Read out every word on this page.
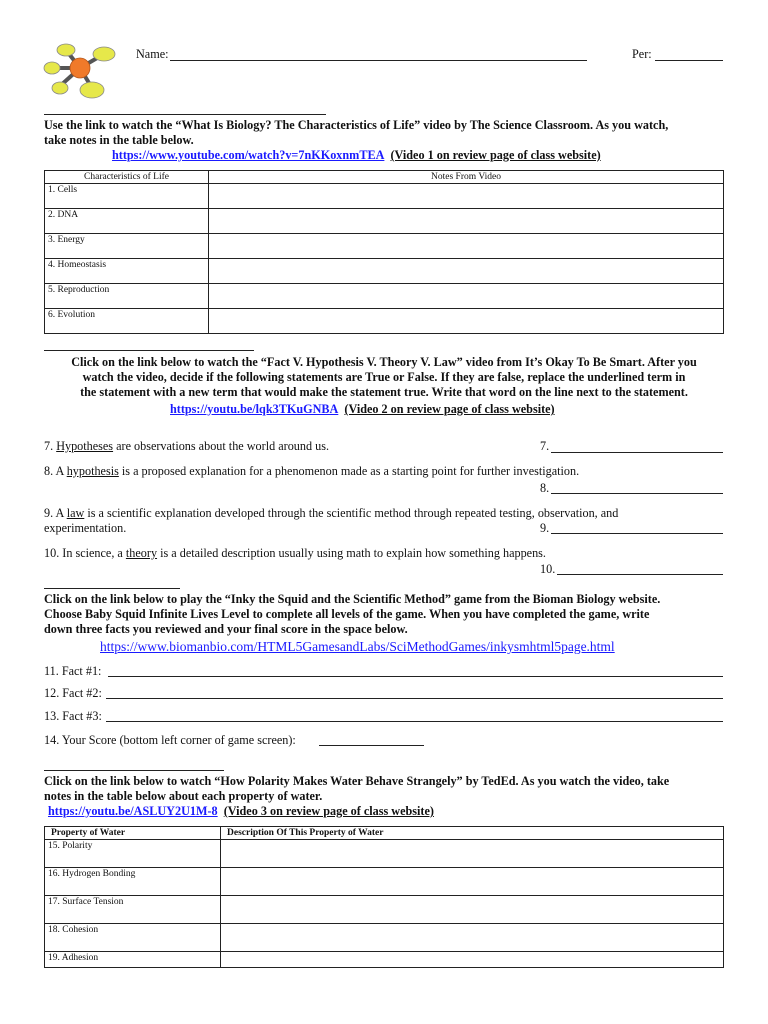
Name:	Per:
Use the link to watch the “What Is Biology? The Characteristics of Life” video by The Science Classroom. As you watch,
take notes in the table below.
https://www.youtube.com/watch?v=7nKKoxnmTEA (Video 1 on review page of class website)
Characteristics of Life	Notes From Video
1. Cells	
2. DNA	
3. Energy	
4. Homeostasis	
5. Reproduction	
6. Evolution	
Click on the link below to watch the “Fact V. Hypothesis V. Theory V. Law” video from It’s Okay To Be Smart. After you
watch the video, decide if the following statements are True or False. If they are false, replace the underlined term in
the statement with a new term that would make the statement true. Write that word on the line next to the statement.
https://youtu.be/lqk3TKuGNBA (Video 2 on review page of class website)
7. Hypotheses are observations about the world around us.	7.
8. A hypothesis is a proposed explanation for a phenomenon made as a starting point for further investigation.
8.
9. A law is a scientific explanation developed through the scientific method through repeated testing, observation, and
experimentation.	9.
10. In science, a theory is a detailed description usually using math to explain how something happens.
10.
Click on the link below to play the “Inky the Squid and the Scientific Method” game from the Bioman Biology website.
Choose Baby Squid Infinite Lives Level to complete all levels of the game. When you have completed the game, write
down three facts you reviewed and your final score in the space below.
https://www.biomanbio.com/HTML5GamesandLabs/SciMethodGames/inkysmhtml5page.html
11. Fact #1:
12. Fact #2:
13. Fact #3:
14. Your Score (bottom left corner of game screen):
Click on the link below to watch “How Polarity Makes Water Behave Strangely” by TedEd. As you watch the video, take
notes in the table below about each property of water.
https://youtu.be/ASLUY2U1M-8 (Video 3 on review page of class website)
Property of Water	Description Of This Property of Water
15. Polarity	
16. Hydrogen Bonding	
17. Surface Tension	
18. Cohesion	
19. Adhesion	
